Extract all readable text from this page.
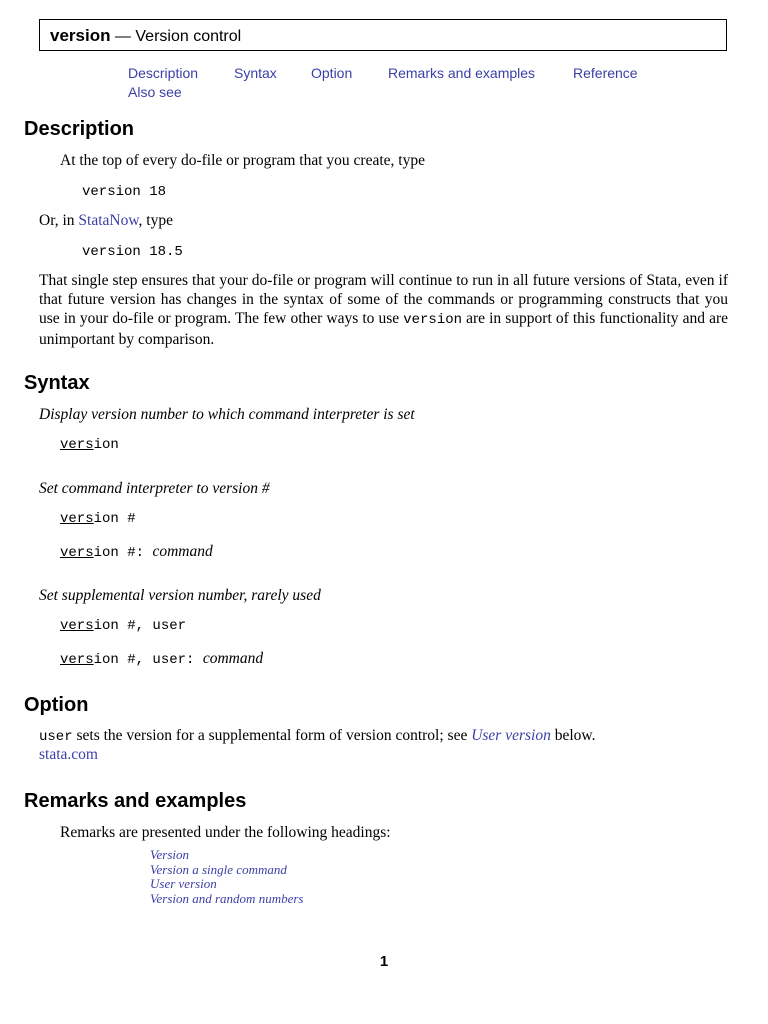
version — Version control
Description	Syntax Option	Remarks and examples	Reference
Also see
Description
At the top of every do-file or program that you create, type
version 18
Or, in StataNow, type
version 18.5
That single step ensures that your do-file or program will continue to run in all future versions of Stata, even if that future version has changes in the syntax of some of the commands or programming constructs that you use in your do-file or program. The few other ways to use version are in support of this functionality and are unimportant by comparison.
Syntax
Display version number to which command interpreter is set
version
Set command interpreter to version #
version #
version #: command
Set supplemental version number, rarely used
version #, user
version #, user: command
Option
user sets the version for a supplemental form of version control; see User version below.
stata.com
Remarks and examples
Remarks are presented under the following headings:
Version
Version a single command
User version
Version and random numbers
1
